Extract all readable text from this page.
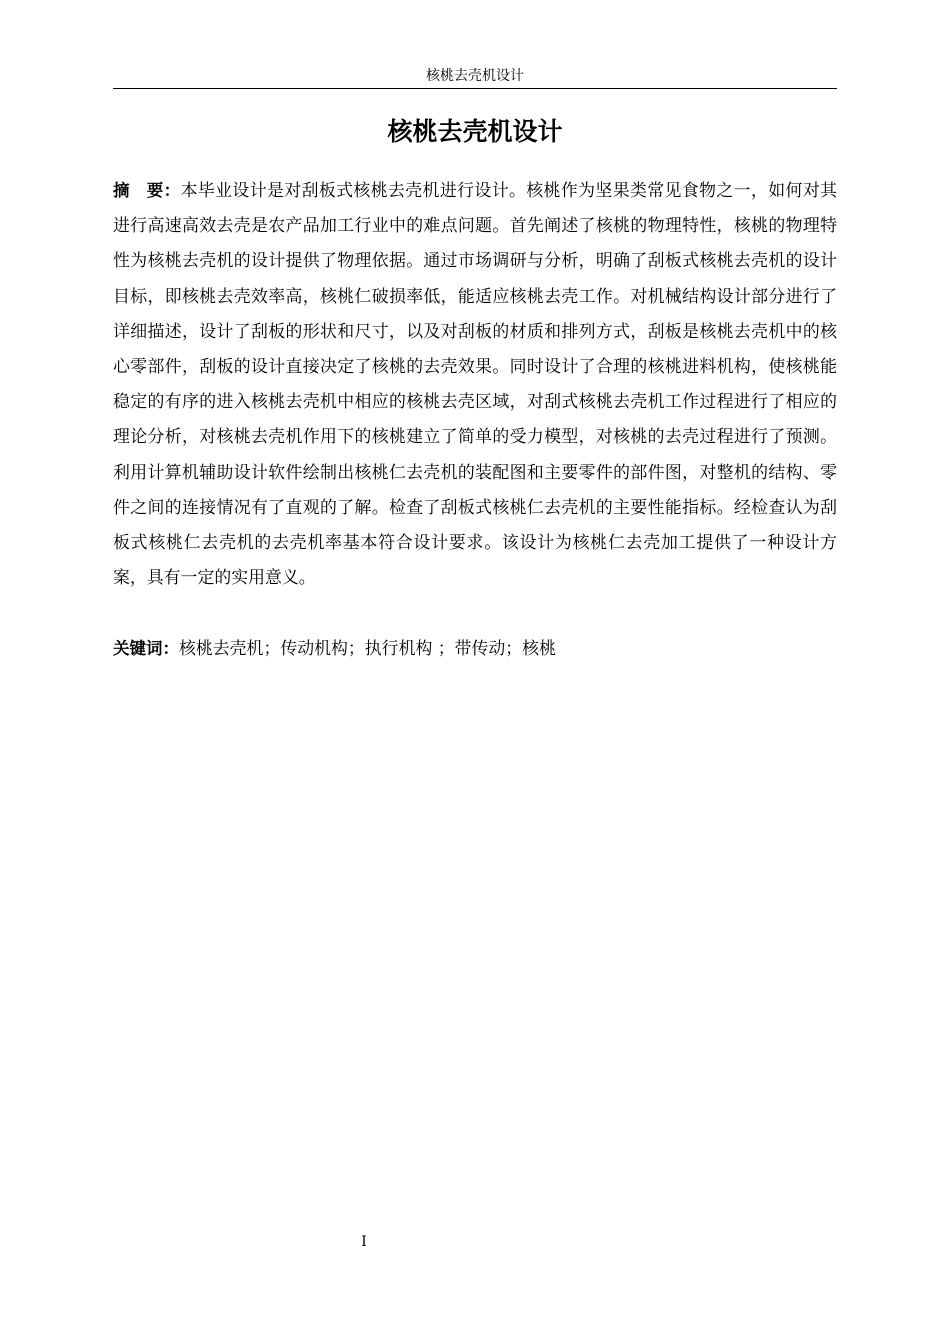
核桃去壳机设计
核桃去壳机设计

摘　要：本毕业设计是对刮板式核桃去壳机进行设计。核桃作为坚果类常见食物之一，如何对其进行高速高效去壳是农产品加工行业中的难点问题。首先阐述了核桃的物理特性，核桃的物理特性为核桃去壳机的设计提供了物理依据。通过市场调研与分析，明确了刮板式核桃去壳机的设计目标，即核桃去壳效率高，核桃仁破损率低，能适应核桃去壳工作。对机械结构设计部分进行了详细描述，设计了刮板的形状和尺寸，以及对刮板的材质和排列方式，刮板是核桃去壳机中的核心零部件，刮板的设计直接决定了核桃的去壳效果。同时设计了合理的核桃进料机构，使核桃能稳定的有序的进入核桃去壳机中相应的核桃去壳区域，对刮式核桃去壳机工作过程进行了相应的理论分析，对核桃去壳机作用下的核桃建立了简单的受力模型，对核桃的去壳过程进行了预测。利用计算机辅助设计软件绘制出核桃仁去壳机的装配图和主要零件的部件图，对整机的结构、零件之间的连接情况有了直观的了解。检查了刮板式核桃仁去壳机的主要性能指标。经检查认为刮板式核桃仁去壳机的去壳机率基本符合设计要求。该设计为核桃仁去壳加工提供了一种设计方案，具有一定的实用意义。

关键词：核桃去壳机；传动机构；执行机构 ；带传动；核桃

I
